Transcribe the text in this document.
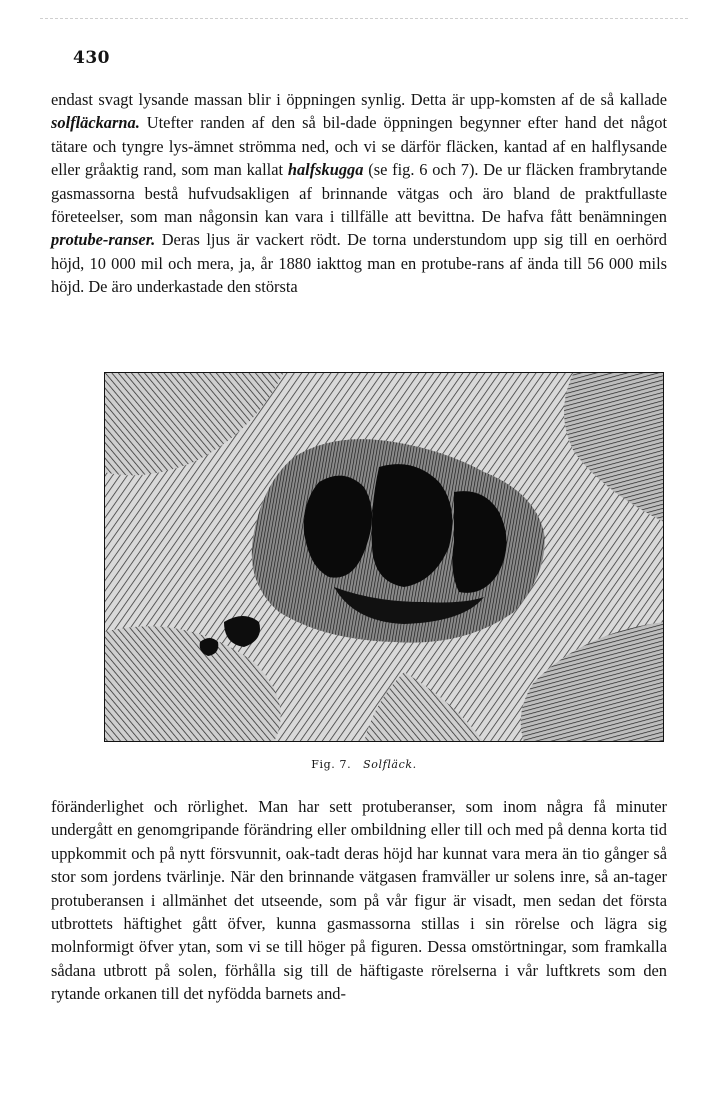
430

endast svagt lysande massan blir i öppningen synlig. Detta är upp-komsten af de så kallade solfläckarna. Utefter randen af den så bil-dade öppningen begynner efter hand det något tätare och tyngre lys-ämnet strömma ned, och vi se därför fläcken, kantad af en halflysande eller gråaktig rand, som man kallat halfskugga (se fig. 6 och 7). De ur fläcken frambrytande gasmassorna bestå hufvudsakligen af brinnande vätgas och äro bland de praktfullaste företeelser, som man någonsin kan vara i tillfälle att bevittna. De hafva fått benämningen protube-ranser. Deras ljus är vackert rödt. De torna understundom upp sig till en oerhörd höjd, 10 000 mil och mera, ja, år 1880 iakttog man en protube-rans af ända till 56 000 mils höjd. De äro underkastade den största

Fig. 7. Solfläck.

föränderlighet och rörlighet. Man har sett protuberanser, som inom några få minuter undergått en genomgripande förändring eller ombildning eller till och med på denna korta tid uppkommit och på nytt försvunnit, oak-tadt deras höjd har kunnat vara mera än tio gånger så stor som jordens tvärlinje. När den brinnande vätgasen framväller ur solens inre, så an-tager protuberansen i allmänhet det utseende, som på vår figur är visadt, men sedan det första utbrottets häftighet gått öfver, kunna gasmassorna stillas i sin rörelse och lägra sig molnformigt öfver ytan, som vi se till höger på figuren. Dessa omstörtningar, som framkalla sådana utbrott på solen, förhålla sig till de häftigaste rörelserna i vår luftkrets som den rytande orkanen till det nyfödda barnets and-
